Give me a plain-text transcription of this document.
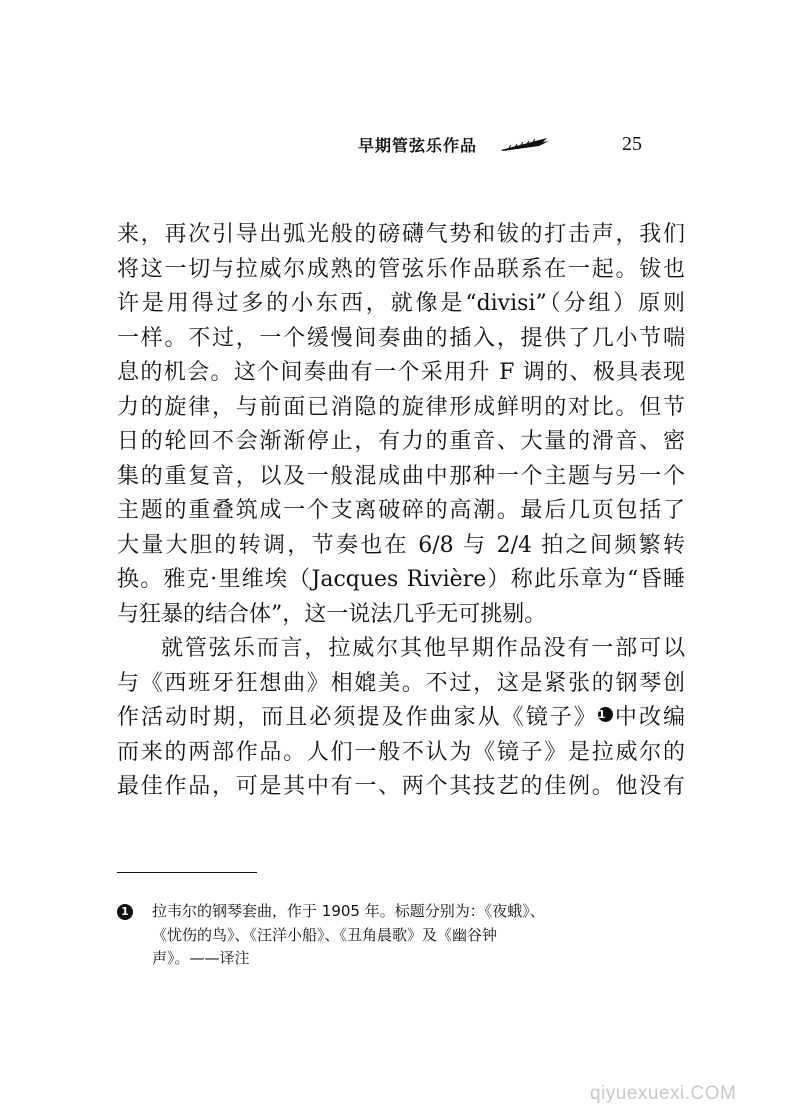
早期管弦乐作品	25
来，再次引导出弧光般的磅礴气势和钹的打击声，我们
将这一切与拉威尔成熟的管弦乐作品联系在一起。钹也
许是用得过多的小东西，就像是“divisi”（分组）原则
一样。不过，一个缓慢间奏曲的插入，提供了几小节喘
息的机会。这个间奏曲有一个采用升 F 调的、极具表现
力的旋律，与前面已消隐的旋律形成鲜明的对比。但节
日的轮回不会渐渐停止，有力的重音、大量的滑音、密
集的重复音，以及一般混成曲中那种一个主题与另一个
主题的重叠筑成一个支离破碎的高潮。最后几页包括了
大量大胆的转调，节奏也在 6/8 与 2/4 拍之间频繁转
换。雅克·里维埃（Jacques Rivière）称此乐章为“昏睡
与狂暴的结合体”，这一说法几乎无可挑剔。
就管弦乐而言，拉威尔其他早期作品没有一部可以
与《西班牙狂想曲》相媲美。不过，这是紧张的钢琴创
作活动时期，而且必须提及作曲家从《镜子》1 中改编
而来的两部作品。人们一般不认为《镜子》是拉威尔的
最佳作品，可是其中有一、两个其技艺的佳例。他没有
1 拉韦尔的钢琴套曲，作于 1905 年。标题分别为：《夜蛾》、
《忧伤的鸟》、《汪洋小船》、《丑角晨歌》及《幽谷钟
声》。——译注
qiyuexuexi.COM
